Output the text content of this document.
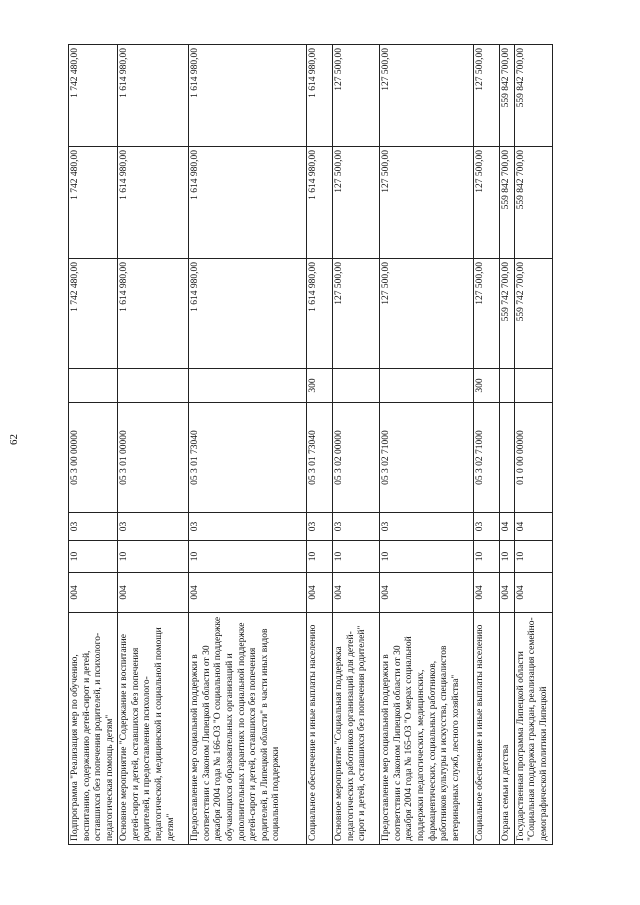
62
Подпрограмма "Реализация мер по обучению, воспитанию, содержанию детей-сирот и детей, оставшихся без попечения родителей, и психолого-педагогическая помощь детям"	004	10	03	05 3 00 00000		1 742 480,00	1 742 480,00	1 742 480,00
Основное мероприятие "Содержание и воспитание детей-сирот и детей, оставшихся без попечения родителей, и предоставление психолого-педагогической, медицинской и социальной помощи детям"	004	10	03	05 3 01 00000		1 614 980,00	1 614 980,00	1 614 980,00
Предоставление мер социальной поддержки в соответствии с Законом Липецкой области от 30 декабря 2004 года № 166-ОЗ "О социальной поддержке обучающихся образовательных организаций и дополнительных гарантиях по социальной поддержке детей-сирот и детей, оставшихся без попечения родителей, в Липецкой области" в части иных видов социальной поддержки	004	10	03	05 3 01 73040		1 614 980,00	1 614 980,00	1 614 980,00
Социальное обеспечение и иные выплаты населению	004	10	03	05 3 01 73040	300	1 614 980,00	1 614 980,00	1 614 980,00
Основное мероприятие "Социальная поддержка педагогических работников организаций для детей-сирот и детей, оставшихся без попечения родителей"	004	10	03	05 3 02 00000		127 500,00	127 500,00	127 500,00
Предоставление мер социальной поддержки в соответствии с Законом Липецкой области от 30 декабря 2004 года № 165-ОЗ "О мерах социальной поддержки педагогических, медицинских, фармацевтических, социальных работников, работников культуры и искусства, специалистов ветеринарных служб, лесного хозяйства"	004	10	03	05 3 02 71000		127 500,00	127 500,00	127 500,00
Социальное обеспечение и иные выплаты населению	004	10	03	05 3 02 71000	300	127 500,00	127 500,00	127 500,00
Охрана семьи и детства	004	10	04			559 742 700,00	559 842 700,00	559 842 700,00
Государственная программа Липецкой области "Социальная поддержка граждан, реализация семейно-демографической политики Липецкой	004	10	04	01 0 00 00000		559 742 700,00	559 842 700,00	559 842 700,00
